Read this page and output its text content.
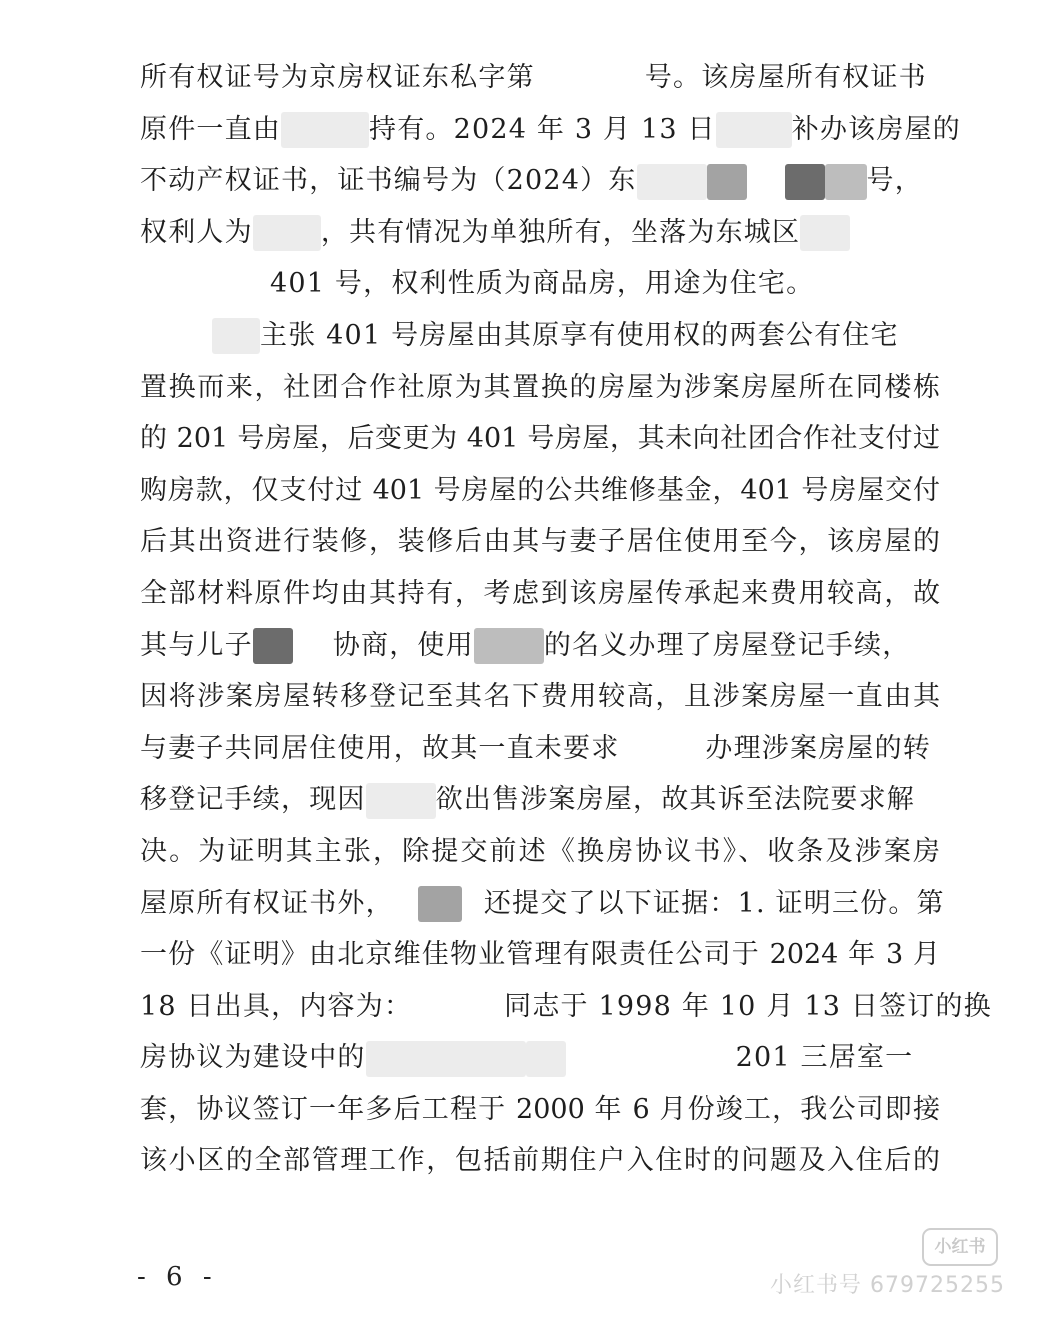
所有权证号为京房权证东私字第	号。该房屋所有权证书
原件一直由	持有。2024 年 3 月 13 日	补办该房屋的
不动产权证书，证书编号为（2024）东	号，
权利人为	，共有情况为单独所有，坐落为东城区
401 号，权利性质为商品房，用途为住宅。
主张 401 号房屋由其原享有使用权的两套公有住宅
置换而来，社团合作社原为其置换的房屋为涉案房屋所在同楼栋
的 201 号房屋，后变更为 401 号房屋，其未向社团合作社支付过
购房款，仅支付过 401 号房屋的公共维修基金，401 号房屋交付
后其出资进行装修，装修后由其与妻子居住使用至今，该房屋的
全部材料原件均由其持有，考虑到该房屋传承起来费用较高，故
其与儿子	协商，使用	的名义办理了房屋登记手续，
因将涉案房屋转移登记至其名下费用较高，且涉案房屋一直由其
与妻子共同居住使用，故其一直未要求	办理涉案房屋的转
移登记手续，现因	欲出售涉案房屋，故其诉至法院要求解
决。为证明其主张，除提交前述《换房协议书》、收条及涉案房
屋原所有权证书外，	还提交了以下证据：1. 证明三份。第
一份《证明》由北京维佳物业管理有限责任公司于 2024 年 3 月
18 日出具，内容为：	同志于 1998 年 10 月 13 日签订的换
房协议为建设中的	201 三居室一
套，协议签订一年多后工程于 2000 年 6 月份竣工，我公司即接
该小区的全部管理工作，包括前期住户入住时的问题及入住后的
- 6 -
小红书
小红书号 679725255
